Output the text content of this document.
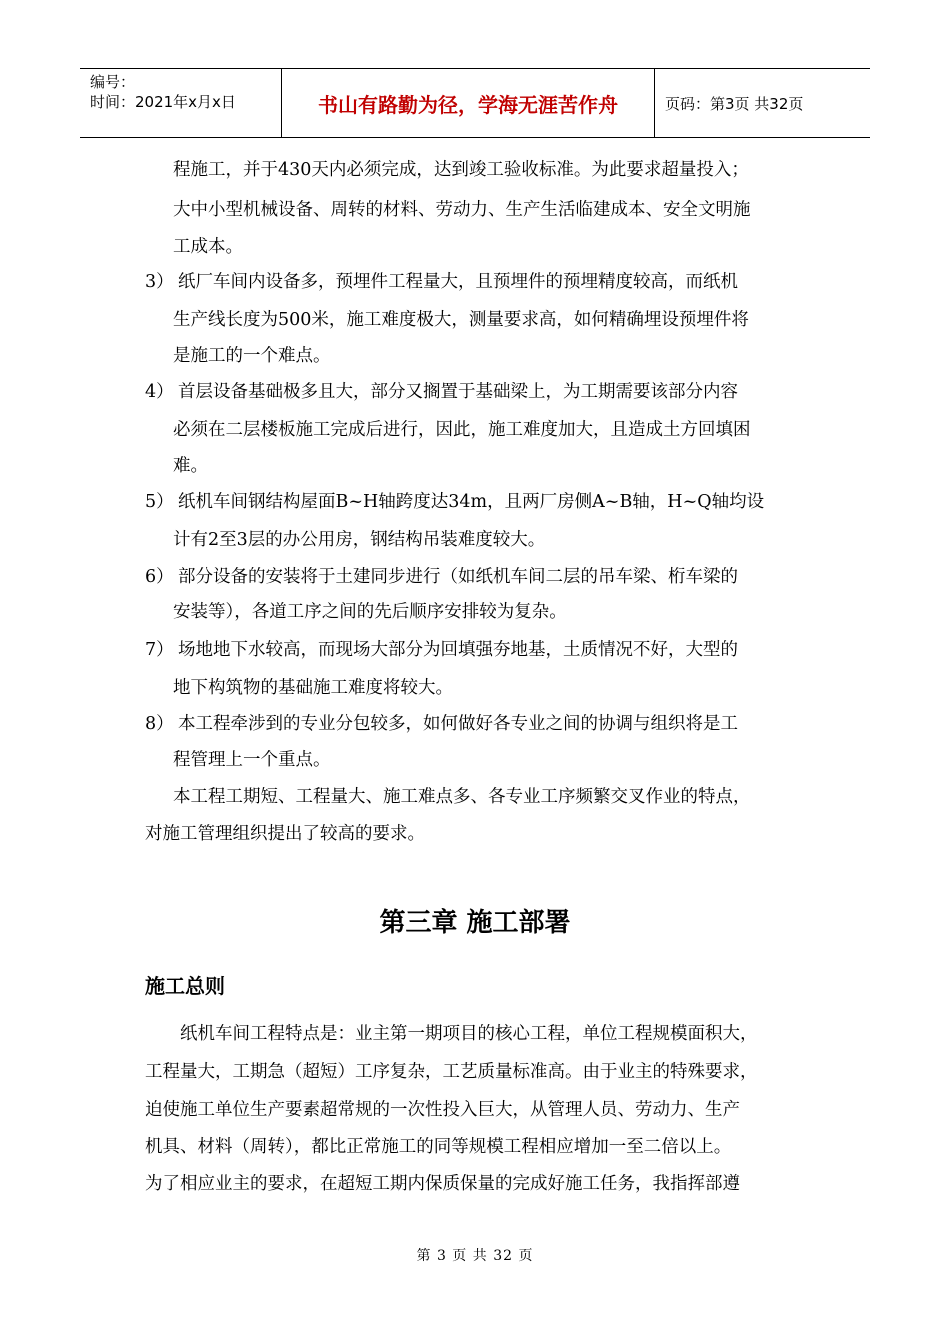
编号：
时间：2021年x月x日	书山有路勤为径，学海无涯苦作舟	页码：第3页 共32页
程施工，并于430天内必须完成，达到竣工验收标准。为此要求超量投入；
大中小型机械设备、周转的材料、劳动力、生产生活临建成本、安全文明施
工成本。
3） 纸厂车间内设备多，预埋件工程量大，且预埋件的预埋精度较高，而纸机
生产线长度为500米，施工难度极大，测量要求高，如何精确埋设预埋件将
是施工的一个难点。
4） 首层设备基础极多且大，部分又搁置于基础梁上，为工期需要该部分内容
必须在二层楼板施工完成后进行，因此，施工难度加大，且造成土方回填困
难。
5） 纸机车间钢结构屋面B~H轴跨度达34m，且两厂房侧A~B轴，H~Q轴均设
计有2至3层的办公用房，钢结构吊装难度较大。
6） 部分设备的安装将于土建同步进行（如纸机车间二层的吊车梁、桁车梁的
安装等），各道工序之间的先后顺序安排较为复杂。
7） 场地地下水较高，而现场大部分为回填强夯地基，土质情况不好，大型的
地下构筑物的基础施工难度将较大。
8） 本工程牵涉到的专业分包较多，如何做好各专业之间的协调与组织将是工
程管理上一个重点。
本工程工期短、工程量大、施工难点多、各专业工序频繁交叉作业的特点，
对施工管理组织提出了较高的要求。
第三章 施工部署
施工总则
纸机车间工程特点是：业主第一期项目的核心工程，单位工程规模面积大，
工程量大，工期急（超短）工序复杂，工艺质量标准高。由于业主的特殊要求，
迫使施工单位生产要素超常规的一次性投入巨大，从管理人员、劳动力、生产
机具、材料（周转），都比正常施工的同等规模工程相应增加一至二倍以上。
为了相应业主的要求，在超短工期内保质保量的完成好施工任务，我指挥部遵
第 3 页 共 32 页
